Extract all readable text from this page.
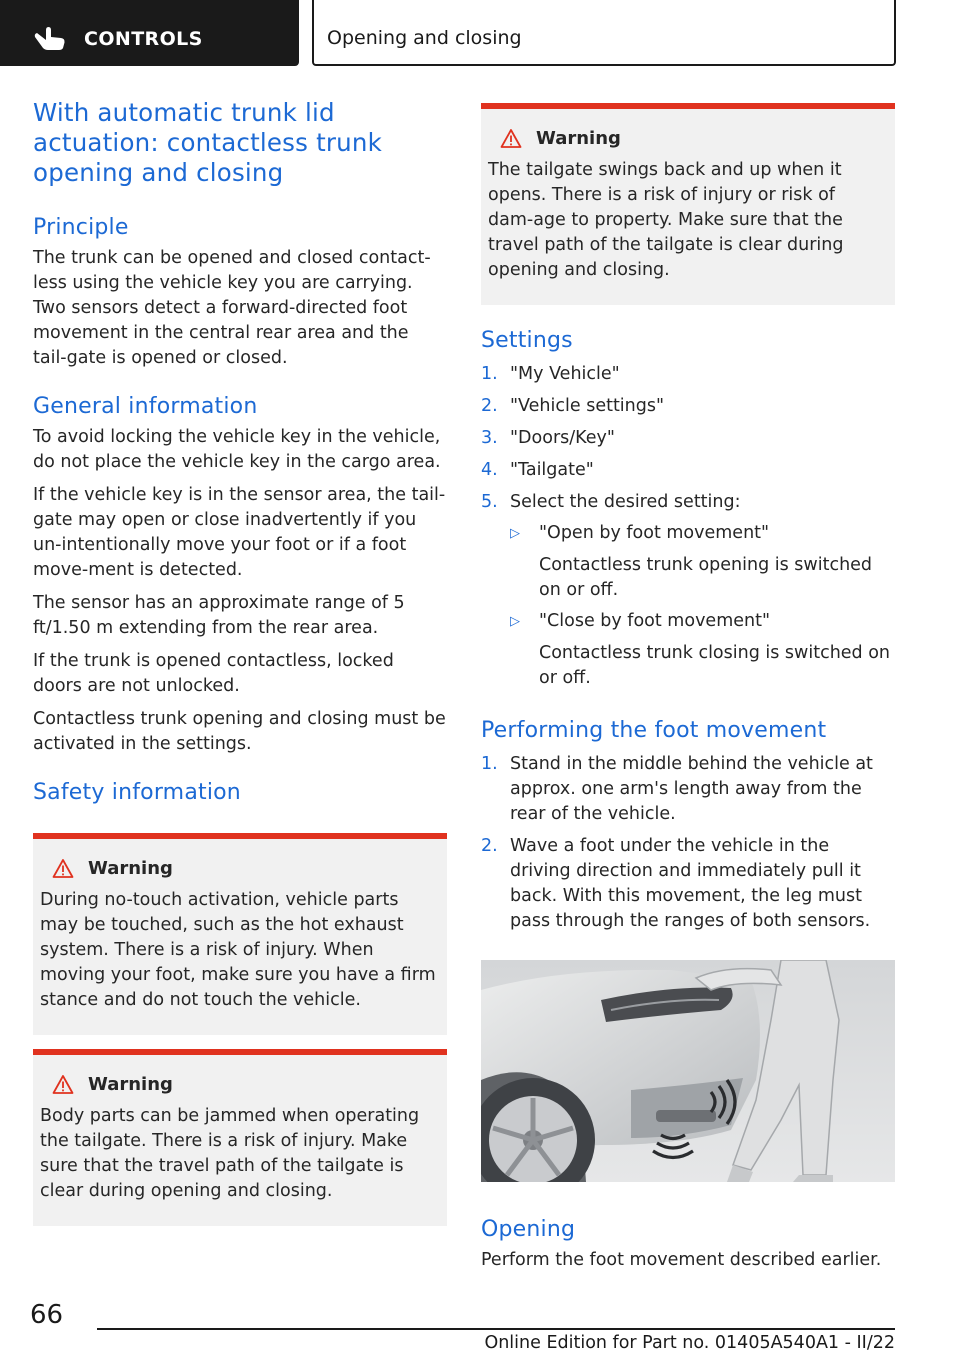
CONTROLS	Opening and closing
With automatic trunk lid actuation: contactless trunk opening and closing
Principle
The trunk can be opened and closed contact-less using the vehicle key you are carrying. Two sensors detect a forward-directed foot movement in the central rear area and the tail-gate is opened or closed.
General information
To avoid locking the vehicle key in the vehicle, do not place the vehicle key in the cargo area.
If the vehicle key is in the sensor area, the tail-gate may open or close inadvertently if you un-intentionally move your foot or if a foot move-ment is detected.
The sensor has an approximate range of 5 ft/1.50 m extending from the rear area.
If the trunk is opened contactless, locked doors are not unlocked.
Contactless trunk opening and closing must be activated in the settings.
Safety information
Warning
During no-touch activation, vehicle parts may be touched, such as the hot exhaust system. There is a risk of injury. When moving your foot, make sure you have a firm stance and do not touch the vehicle.
Warning
Body parts can be jammed when operating the tailgate. There is a risk of injury. Make sure that the travel path of the tailgate is clear during opening and closing.
Warning
The tailgate swings back and up when it opens. There is a risk of injury or risk of dam-age to property. Make sure that the travel path of the tailgate is clear during opening and closing.
Settings
1. "My Vehicle"
2. "Vehicle settings"
3. "Doors/Key"
4. "Tailgate"
5. Select the desired setting:
▷	"Open by foot movement"
Contactless trunk opening is switched on or off.
▷	"Close by foot movement"
Contactless trunk closing is switched on or off.
Performing the foot movement
1. Stand in the middle behind the vehicle at approx. one arm's length away from the rear of the vehicle.
2. Wave a foot under the vehicle in the driving direction and immediately pull it back. With this movement, the leg must pass through the ranges of both sensors.
Opening
Perform the foot movement described earlier.
66
Online Edition for Part no. 01405A540A1 - II/22
